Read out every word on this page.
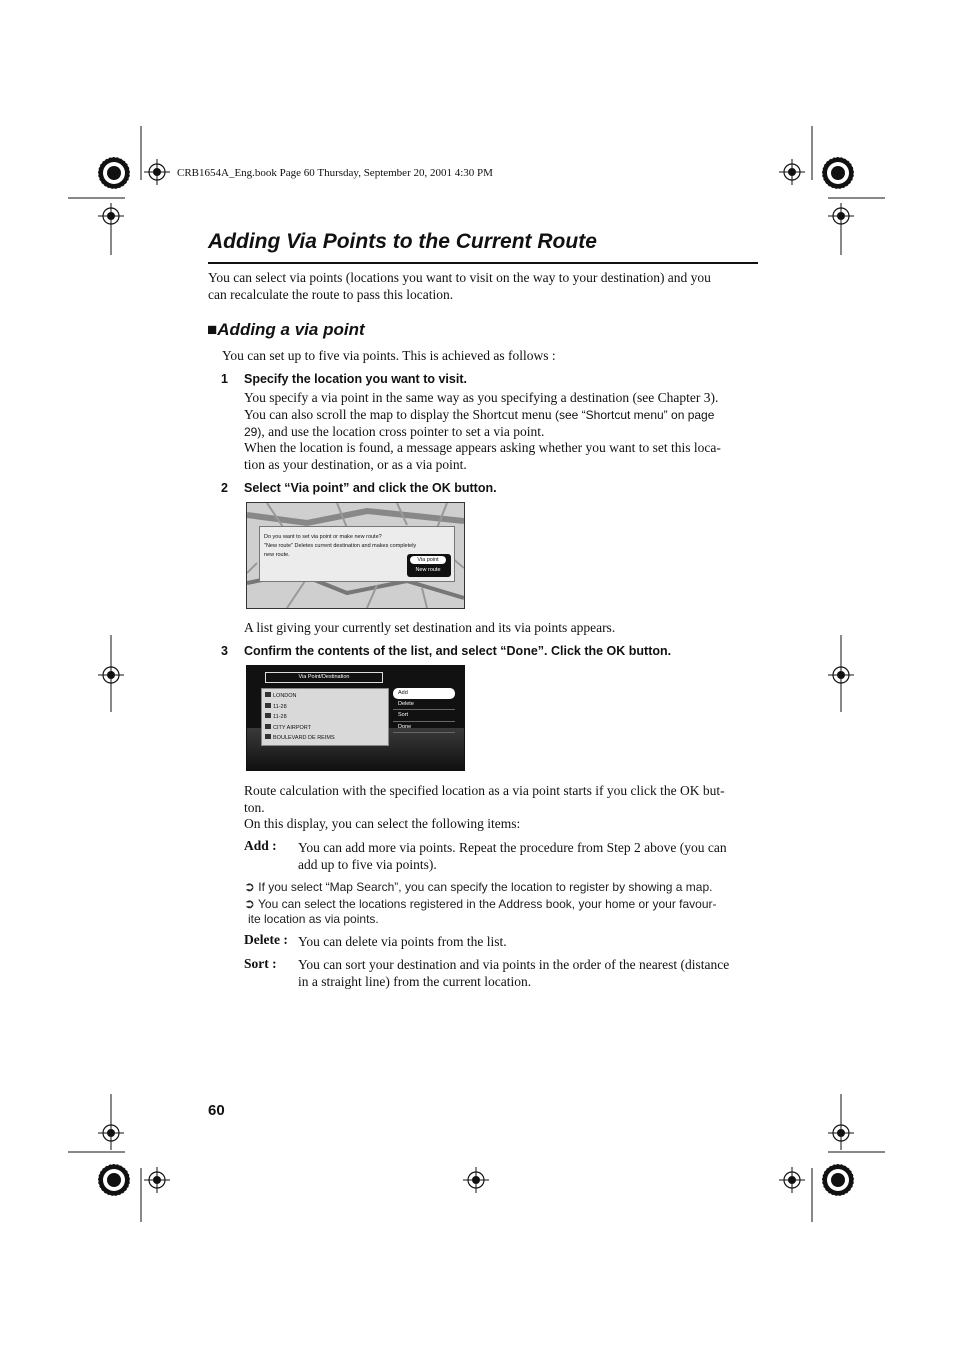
CRB1654A_Eng.book Page 60 Thursday, September 20, 2001 4:30 PM
Adding Via Points to the Current Route
You can select via points (locations you want to visit on the way to your destination) and you
can recalculate the route to pass this location.
■Adding a via point
You can set up to five via points. This is achieved as follows :
1 Specify the location you want to visit.
You specify a via point in the same way as you specifying a destination (see Chapter 3).
You can also scroll the map to display the Shortcut menu (see “Shortcut menu” on page
29), and use the location cross pointer to set a via point.
When the location is found, a message appears asking whether you want to set this loca-
tion as your destination, or as a via point.
2 Select “Via point” and click the OK button.
Do you want to set via point or make new route?
"New route" Deletes current destination and makes completely
new route.
Via point
New route
A list giving your currently set destination and its via points appears.
3 Confirm the contents of the list, and select “Done”. Click the OK button.
Via Point/Destination
LONDON
11-28
11-28
CITY AIRPORT
BOULEVARD DE REIMS
Add
Delete
Sort
Done
Route calculation with the specified location as a via point starts if you click the OK but-
ton.
On this display, you can select the following items:
Add : You can add more via points. Repeat the procedure from Step 2 above (you can
add up to five via points).
➲ If you select “Map Search”, you can specify the location to register by showing a map.
➲ You can select the locations registered in the Address book, your home or your favour-
ite location as via points.
Delete : You can delete via points from the list.
Sort : You can sort your destination and via points in the order of the nearest (distance
in a straight line) from the current location.
60
